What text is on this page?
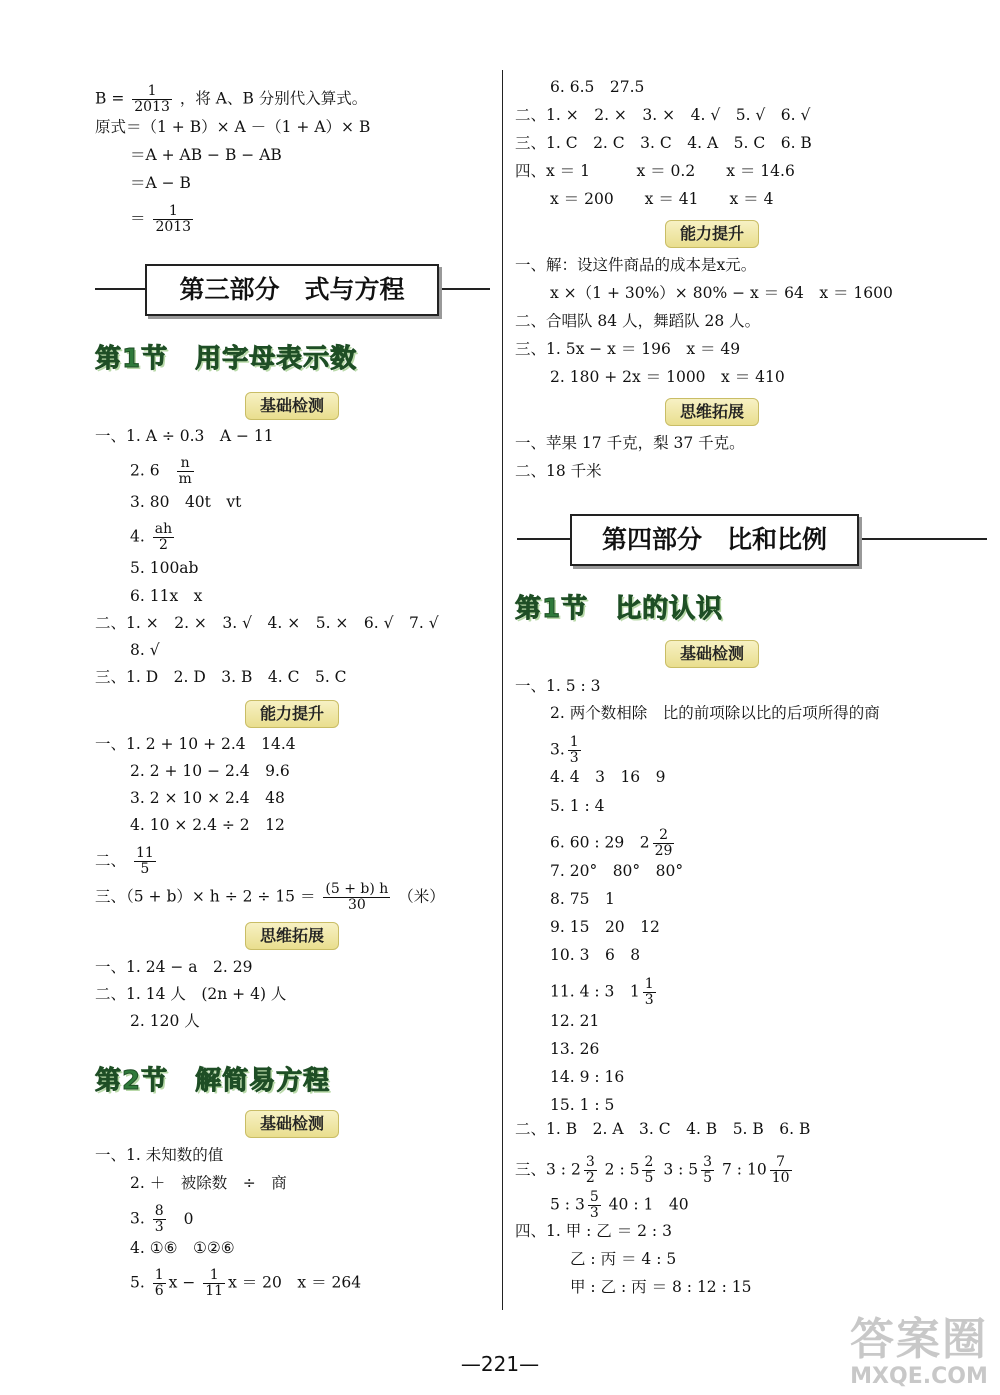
$B = \frac{1}{2013}$ ，将 A、B 分别代入算式。
原式＝（1 + B）× A －（1 + A）× B
＝A + AB − B − AB
＝A − B
＝ $\frac{1}{2013}$
第三部分　式与方程
第1节　用字母表示数
基础检测
一、1. A ÷ 0.3　A − 11
2. $6 \frac{n}{m}$
3. 80　40t　vt
4. $\frac{ah}{2}$
5. 100ab
6. 11x　x
二、1. ×　2. ×　3. √　4. ×　5. ×　6. √　7. √
8. √
三、1. D　2. D　3. B　4. C　5. C
能力提升
一、1. 2 + 10 + 2.4　14.4
2. 2 + 10 − 2.4　9.6
3. 2 × 10 × 2.4　48
4. 10 × 2.4 ÷ 2　12
二、 $\frac{11}{5}$
三、$(5 + b)\times h \div 2 \div 15 = \frac{(5 + b) h}{30}$ （米）
思维拓展
一、1. 24 − a　2. 29
二、1. 14 人　(2n + 4) 人
2. 120 人
第2节　解简易方程
基础检测
一、1. 未知数的值
2. ＋　被除数　÷　商
3. $\frac{8}{3} 0$
4. ①⑥　①②⑥
5. $\frac{1}{6}$ $x - \frac{1}{11}$ x ＝ 20　x ＝ 264
6. 6.5　27.5
二、1. ×　2. ×　3. ×　4. √　5. √　6. √
三、1. C　2. C　3. C　4. A　5. C　6. B
四、x ＝ 1　　　x ＝ 0.2　　x ＝ 14.6
x ＝ 200　　x ＝ 41　　x ＝ 4
能力提升
一、解：设这件商品的成本是x元。
x ×（1 + 30%）× 80% − x ＝ 64　x ＝ 1600
二、合唱队 84 人，舞蹈队 28 人。
三、1. 5x − x ＝ 196　x ＝ 49
2. 180 + 2x ＝ 1000　x ＝ 410
思维拓展
一、苹果 17 千克，梨 37 千克。
二、18 千米
第四部分　比和比例
第1节　比的认识
基础检测
一、1. 5 : 3
2. 两个数相除　比的前项除以比的后项所得的商
3. $\frac{1}{3}$
4. 4　3　16　9
5. 1 : 4
6. 60 : 29　$2 \frac{2}{29}$
7. 20°　80°　80°
8. 75　1
9. 15　20　12
10. 3　6　8
11. 4 : 3　$1 \frac{1}{3}$
12. 21
13. 26
14. 9 : 16
15. 1 : 5
二、1. B　2. A　3. C　4. B　5. B　6. B
三、3 : $2 \frac{3}{2} 2$ : $5 \frac{2}{5} 3$ : $5 \frac{3}{5} 7$ : $10 \frac{7}{10}$
5 : $3 \frac{5}{3} 40$ : 1　40
四、1. 甲 : 乙 ＝ 2 : 3
乙 : 丙 ＝ 4 : 5
甲 : 乙 : 丙 ＝ 8 : 12 : 15
—221—	答案圈
MXQE.COM
